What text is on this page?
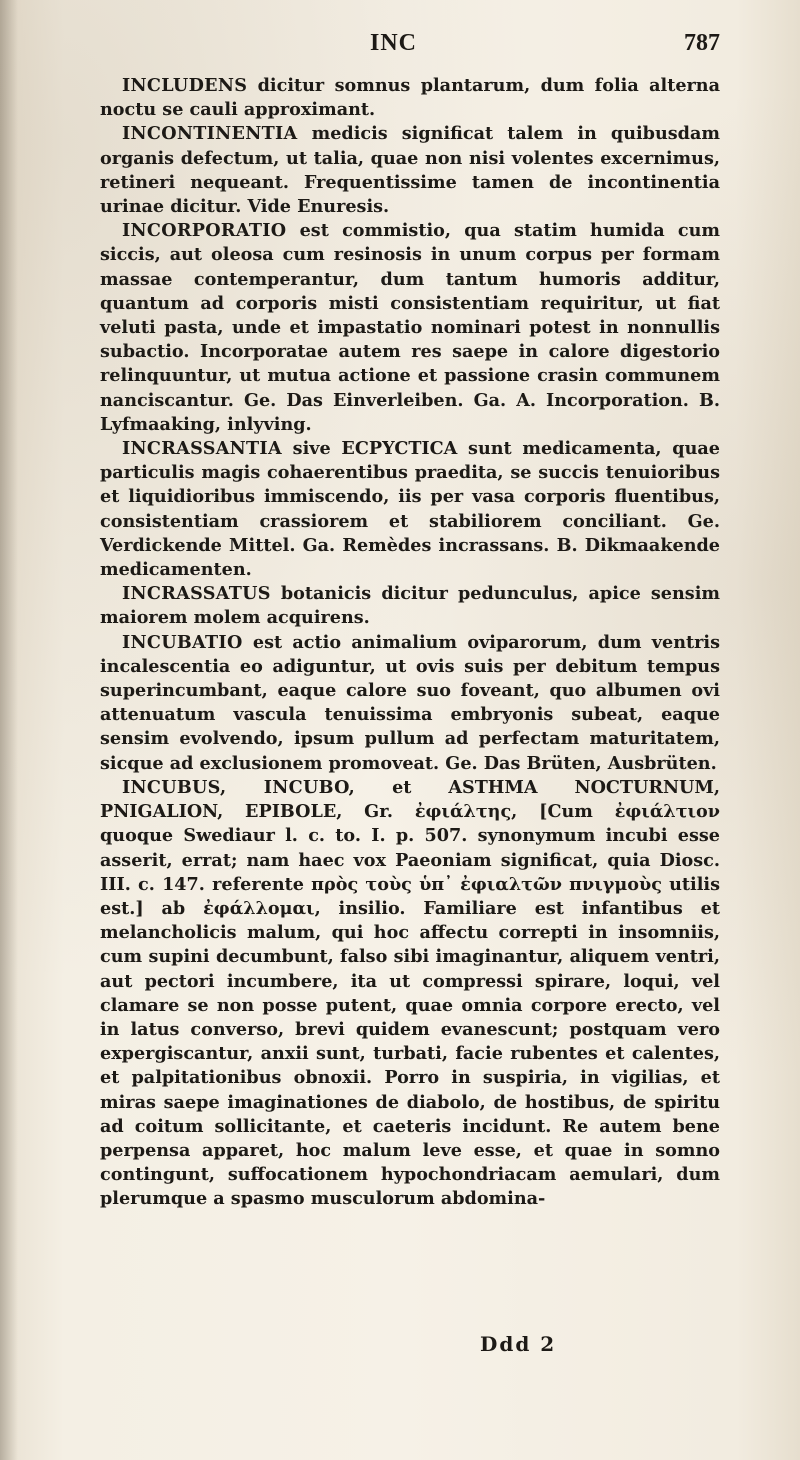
INC	787

INCLUDENS dicitur somnus plantarum, dum folia alterna noctu se cauli approximant.

INCONTINENTIA medicis significat talem in quibusdam organis defectum, ut talia, quae non nisi volentes excernimus, retineri nequeant. Frequentissime tamen de incontinentia urinae dicitur. Vide Enuresis.

INCORPORATIO est commistio, qua statim humida cum siccis, aut oleosa cum resinosis in unum corpus per formam massae contemperantur, dum tantum humoris additur, quantum ad corporis misti consistentiam requiritur, ut fiat veluti pasta, unde et impastatio nominari potest in nonnullis subactio. Incorporatae autem res saepe in calore digestorio relinquuntur, ut mutua actione et passione crasin communem nanciscantur. Ge. Das Einverleiben. Ga. A. Incorporation. B. Lyfmaaking, inlyving.

INCRASSANTIA sive ECPYCTICA sunt medicamenta, quae particulis magis cohaerentibus praedita, se succis tenuioribus et liquidioribus immiscendo, iis per vasa corporis fluentibus, consistentiam crassiorem et stabiliorem conciliant. Ge. Verdickende Mittel. Ga. Remèdes incrassans. B. Dikmaakende medicamenten.

INCRASSATUS botanicis dicitur pedunculus, apice sensim maiorem molem acquirens.

INCUBATIO est actio animalium oviparorum, dum ventris incalescentia eo adiguntur, ut ovis suis per debitum tempus superincumbant, eaque calore suo foveant, quo albumen ovi attenuatum vascula tenuissima embryonis subeat, eaque sensim evolvendo, ipsum pullum ad perfectam maturitatem, sicque ad exclusionem promoveat. Ge. Das Brüten, Ausbrüten.

INCUBUS, INCUBO, et ASTHMA NOCTURNUM, PNIGALION, EPIBOLE, Gr. ἐφιάλτης, [Cum ἐφιάλτιον quoque Swediaur l. c. to. I. p. 507. synonymum incubi esse asserit, errat; nam haec vox Paeoniam significat, quia Diosc. III. c. 147. referente πρὸς τοὺς ὑπ᾽ ἐφιαλτῶν πνιγμοὺς utilis est.] ab ἐφάλλομαι, insilio. Familiare est infantibus et melancholicis malum, qui hoc affectu correpti in insomniis, cum supini decumbunt, falso sibi imaginantur, aliquem ventri, aut pectori incumbere, ita ut compressi spirare, loqui, vel clamare se non posse putent, quae omnia corpore erecto, vel in latus converso, brevi quidem evanescunt; postquam vero expergiscantur, anxii sunt, turbati, facie rubentes et calentes, et palpitationibus obnoxii. Porro in suspiria, in vigilias, et miras saepe imaginationes de diabolo, de hostibus, de spiritu ad coitum sollicitante, et caeteris incidunt. Re autem bene perpensa apparet, hoc malum leve esse, et quae in somno contingunt, suffocationem hypochondriacam aemulari, dum plerumque a spasmo musculorum abdomina-

Ddd 2
